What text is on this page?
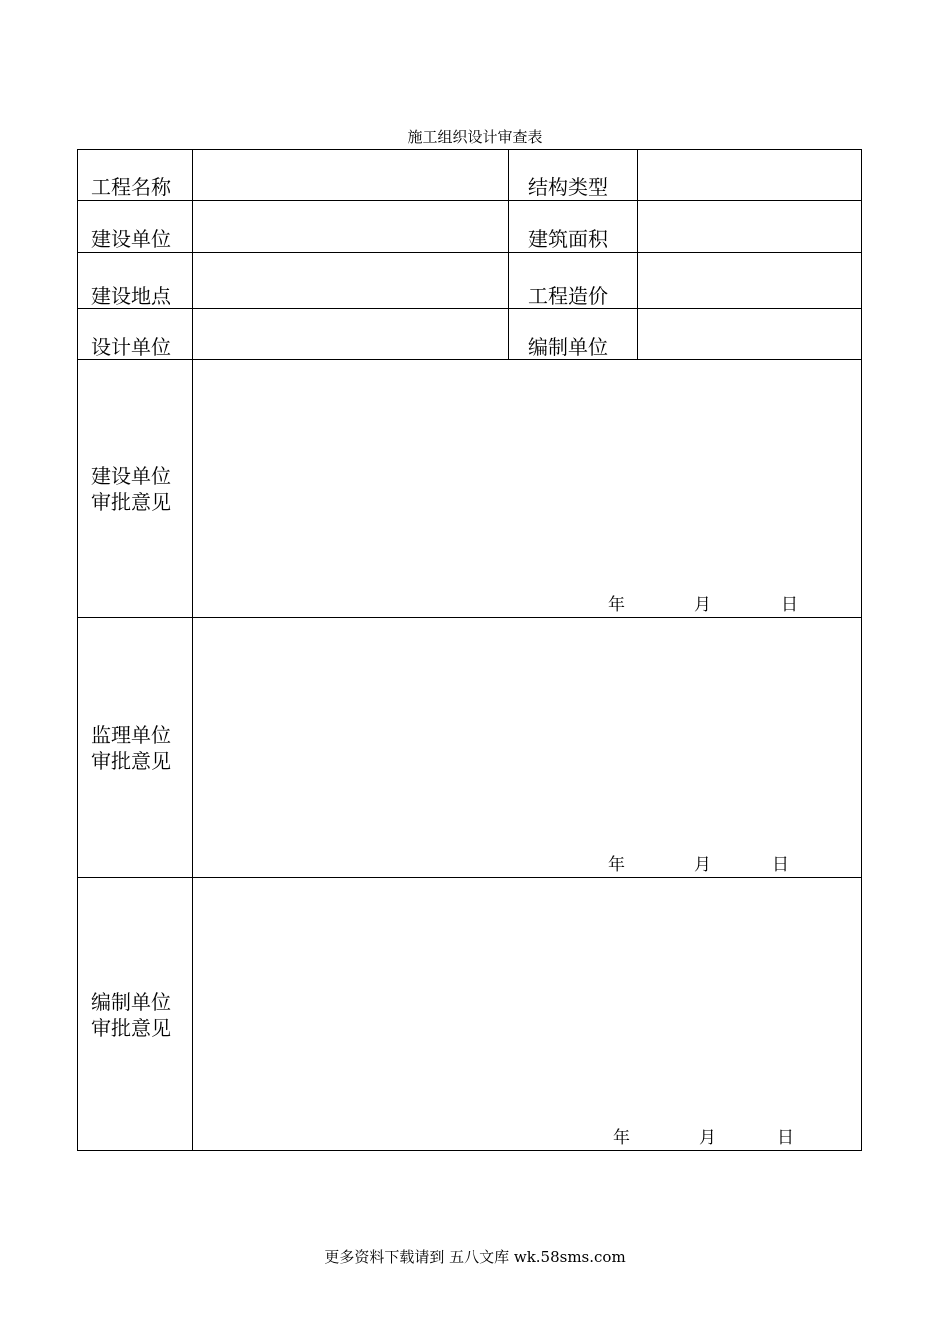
施工组织设计审查表
工程名称	结构类型
建设单位	建筑面积
建设地点	工程造价
设计单位	编制单位
建设单位
审批意见
年	月	日
监理单位
审批意见
年	月	日
编制单位
审批意见
年	月	日
更多资料下载请到 五八文库 wk.58sms.com
